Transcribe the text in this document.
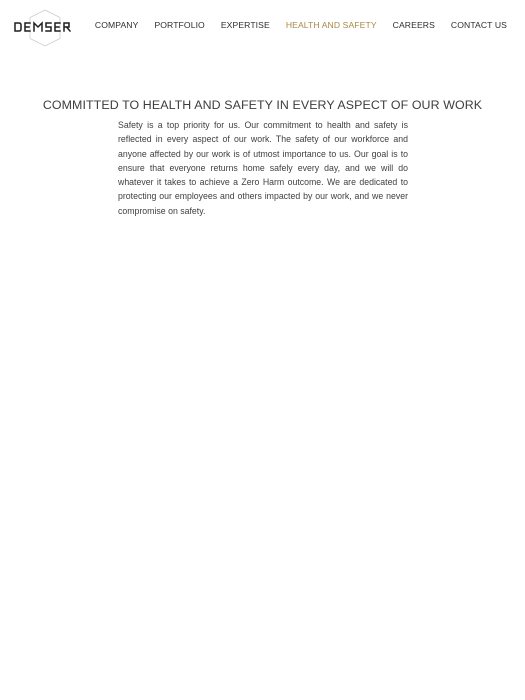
COMPANY PORTFOLIO EXPERTISE HEALTH AND SAFETY CAREERS CONTACT US
COMMITTED TO HEALTH AND SAFETY IN EVERY ASPECT OF OUR WORK

Safety is a top priority for us. Our commitment to health and safety is reflected in every aspect of our work. The safety of our workforce and anyone affected by our work is of utmost importance to us. Our goal is to ensure that everyone returns home safely every day, and we will do whatever it takes to achieve a Zero Harm outcome. We are dedicated to protecting our employees and others impacted by our work, and we never compromise on safety.
